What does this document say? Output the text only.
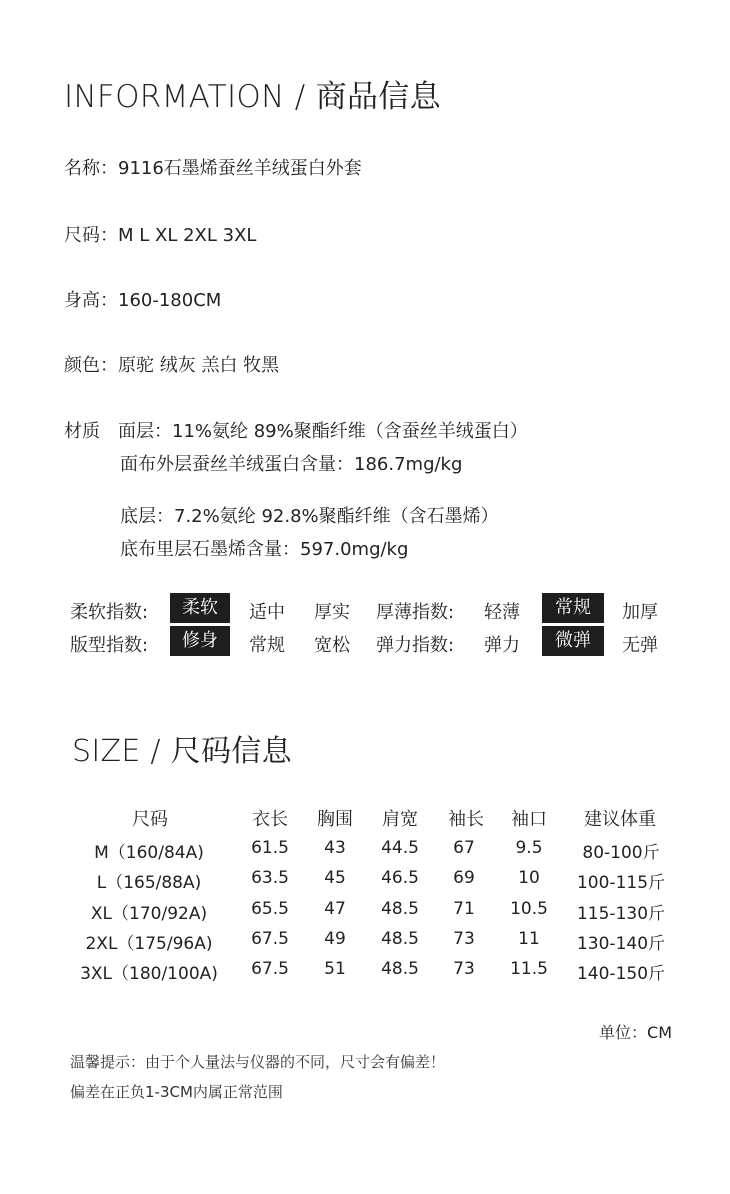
INFORMATION / 商品信息
名称：9116石墨烯蚕丝羊绒蛋白外套
尺码：M L XL 2XL 3XL
身高：160-180CM
颜色：原驼 绒灰 羔白 牧黑
材质 面层：11%氨纶 89%聚酯纤维（含蚕丝羊绒蛋白）
面布外层蚕丝羊绒蛋白含量：186.7mg/kg
底层：7.2%氨纶 92.8%聚酯纤维（含石墨烯）
底布里层石墨烯含量：597.0mg/kg
柔软指数:	柔软	适中 厚实 厚薄指数: 轻薄	常规	加厚
版型指数:	修身	常规 宽松 弹力指数: 弹力	微弹	无弹
SIZE / 尺码信息
尺码	衣长	胸围	肩宽	袖长	袖口	建议体重
M（160/84A)	61.5	43	44.5	67	9.5	80-100斤
L（165/88A)	63.5	45	46.5	69	10	100-115斤
XL（170/92A)	65.5	47	48.5	71	10.5	115-130斤
2XL（175/96A)	67.5	49	48.5	73	11	130-140斤
3XL（180/100A)	67.5	51	48.5	73	11.5	140-150斤
单位：CM
温馨提示：由于个人量法与仪器的不同，尺寸会有偏差！
偏差在正负1-3CM内属正常范围
